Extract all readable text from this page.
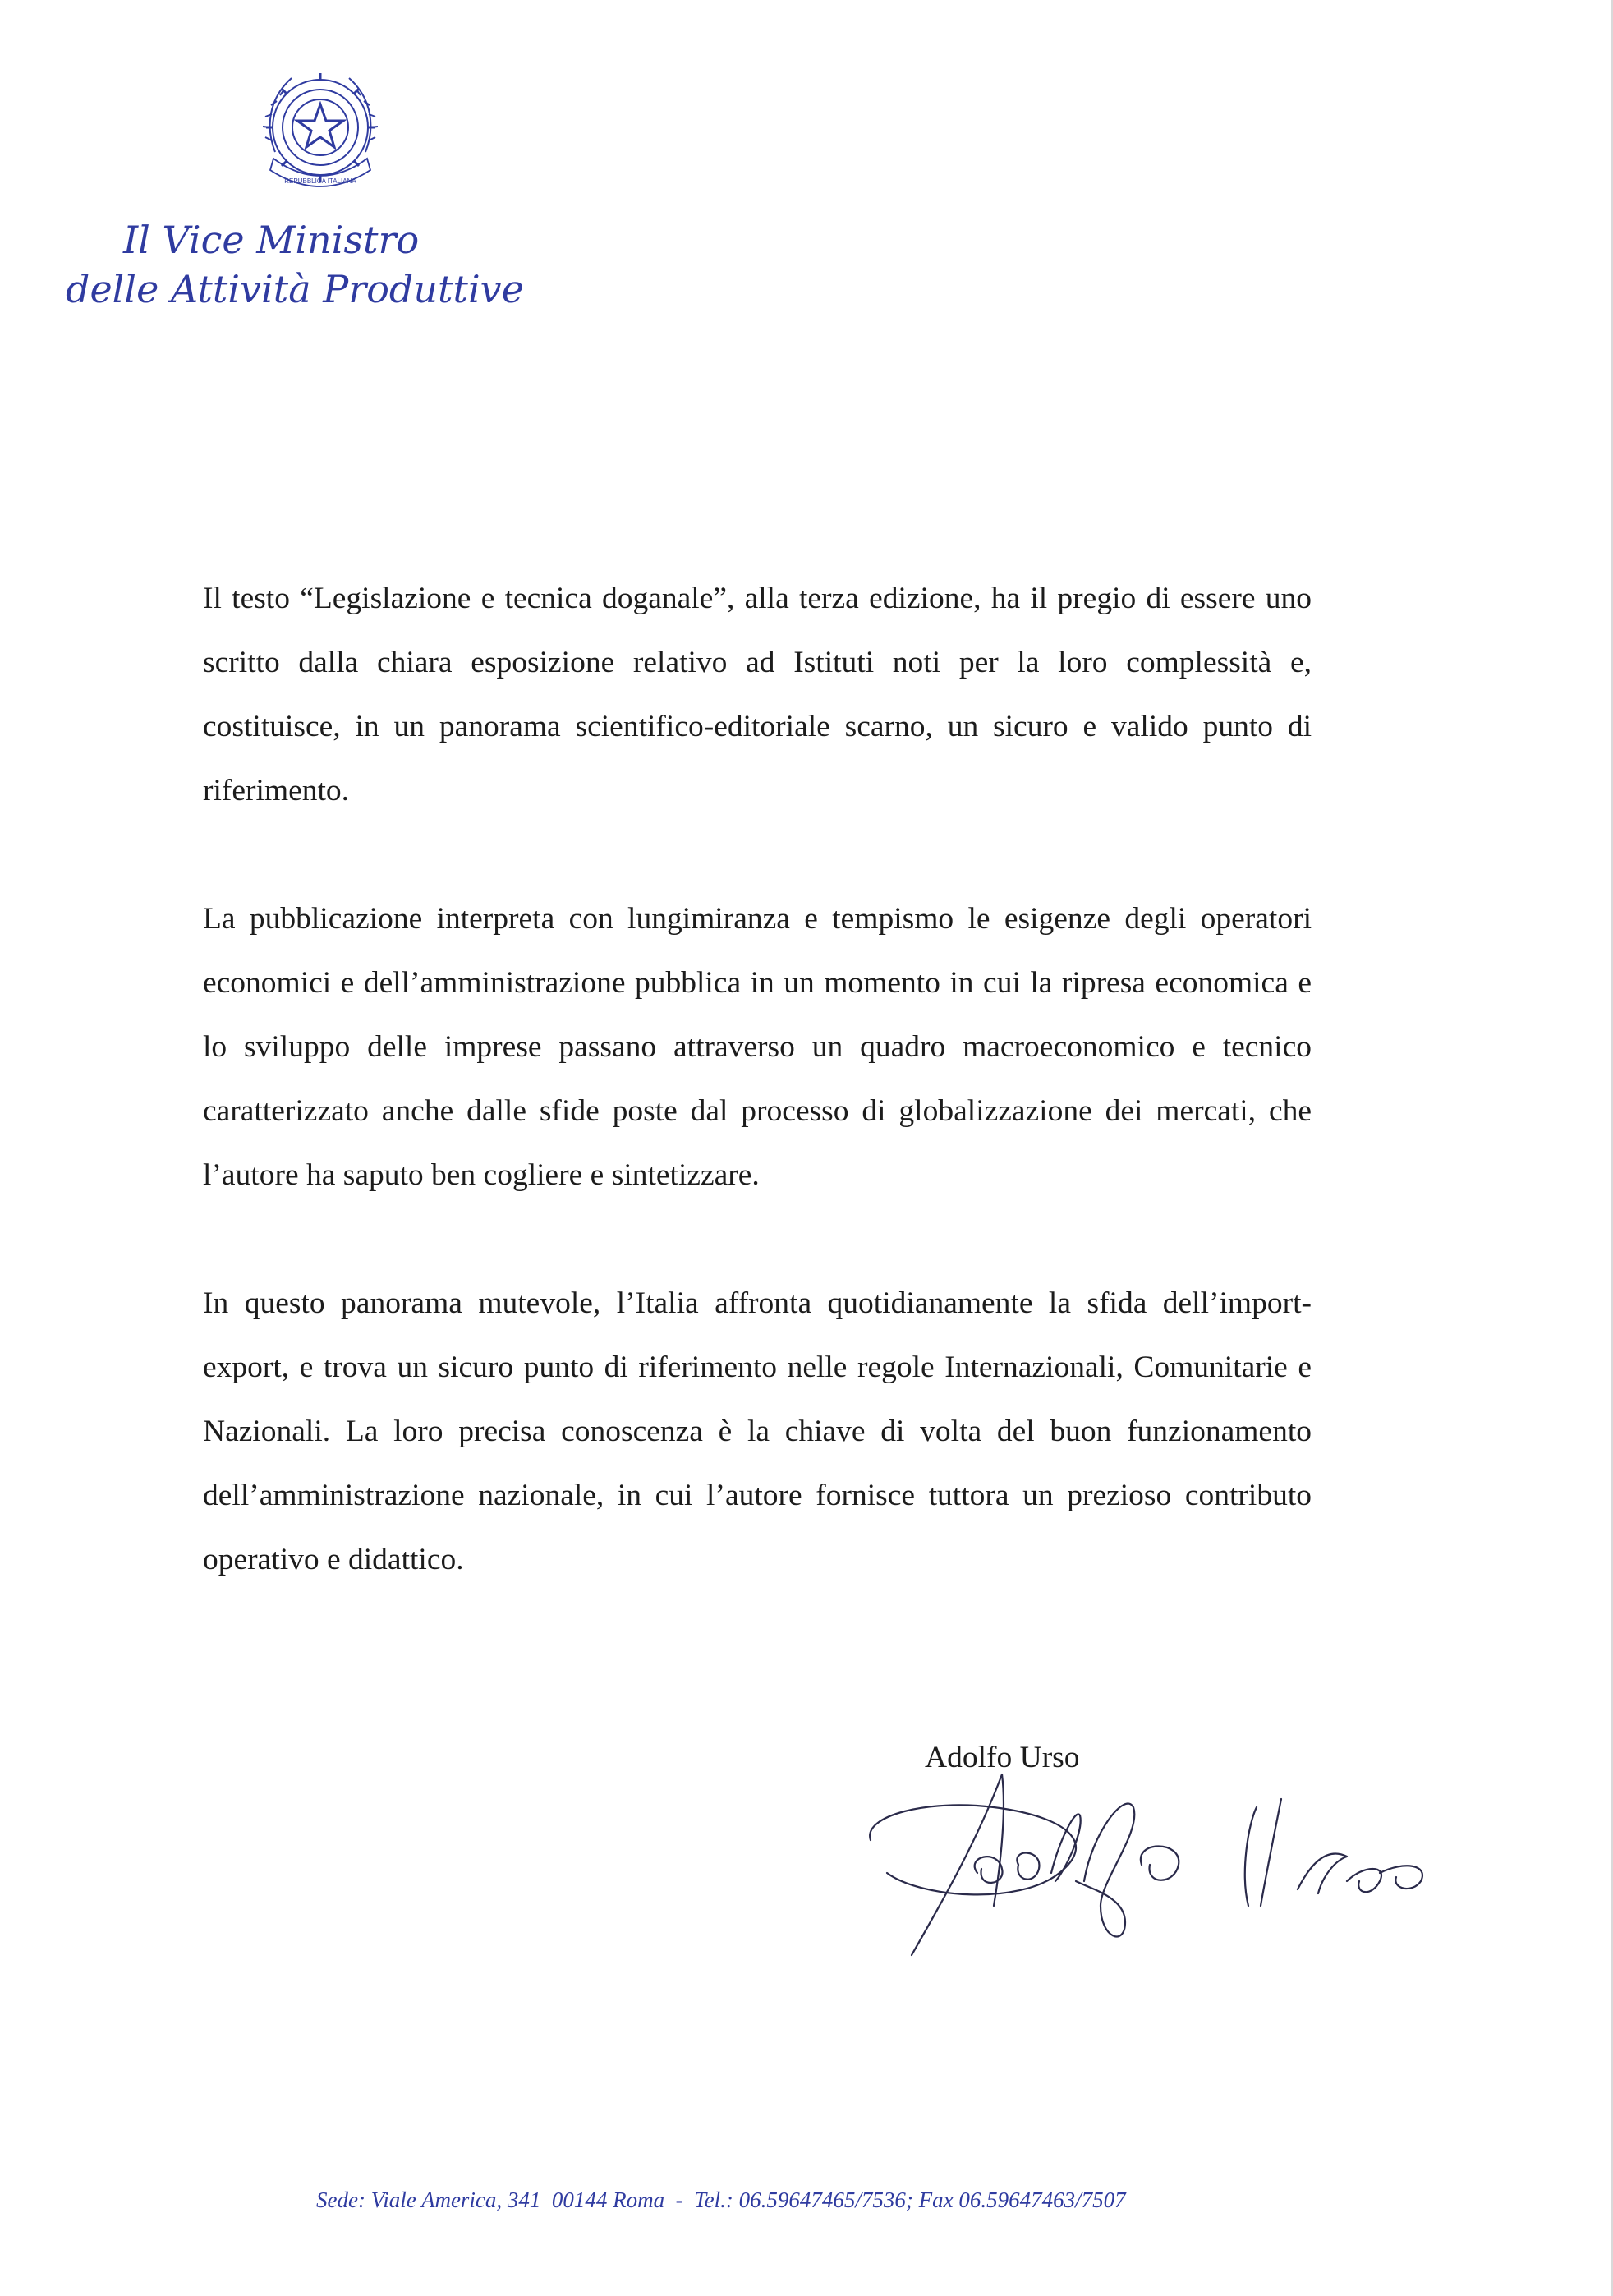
REPUBBLICA ITALIANA
Il Vice Ministro
delle Attività Produttive

Il testo “Legislazione e tecnica doganale”, alla terza edizione, ha il pregio di essere uno scritto dalla chiara esposizione relativo ad Istituti noti per la loro complessità e, costituisce, in un panorama scientifico-editoriale scarno, un sicuro e valido punto di riferimento.

La pubblicazione interpreta con lungimiranza e tempismo le esigenze degli operatori economici e dell’amministrazione pubblica in un momento in cui la ripresa economica e lo sviluppo delle imprese passano attraverso un quadro macroeconomico e tecnico caratterizzato anche dalle sfide poste dal processo di globalizzazione dei mercati, che l’autore ha saputo ben cogliere e sintetizzare.

In questo panorama mutevole, l’Italia affronta quotidianamente la sfida dell’import-export, e trova un sicuro punto di riferimento nelle regole Internazionali, Comunitarie e Nazionali. La loro precisa conoscenza è la chiave di volta del buon funzionamento dell’amministrazione nazionale, in cui l’autore fornisce tuttora un prezioso contributo operativo e didattico.

Adolfo Urso
Sede: Viale America, 341  00144 Roma  -  Tel.: 06.59647465/7536; Fax 06.59647463/7507
